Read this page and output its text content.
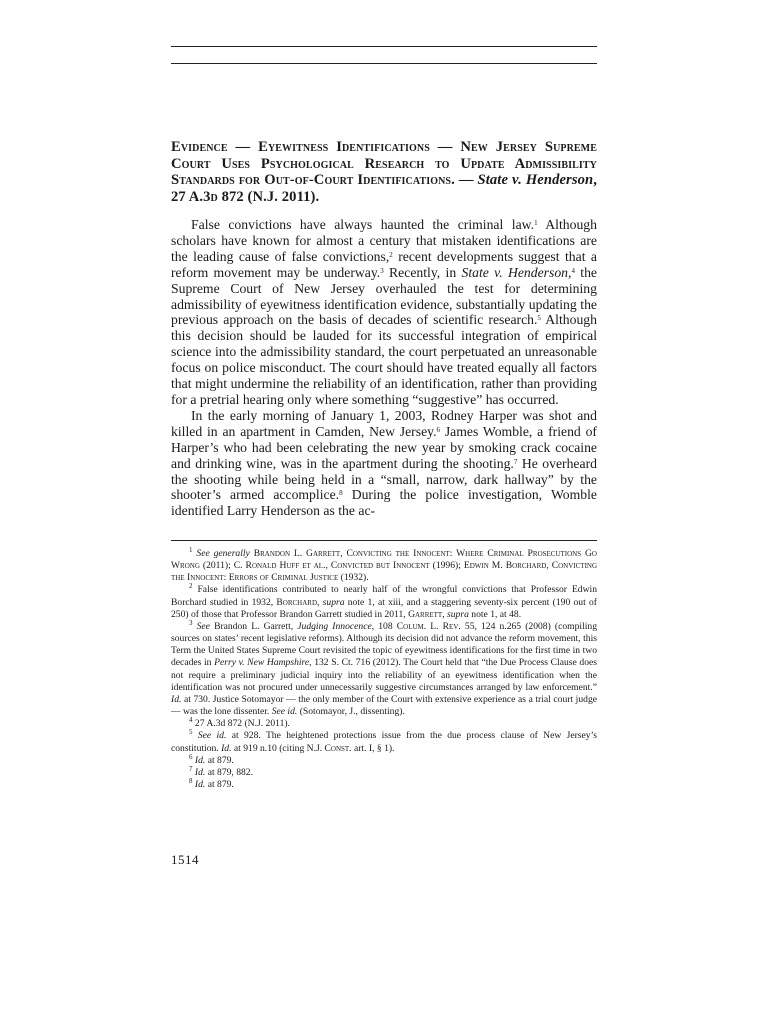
Evidence — Eyewitness Identifications — New Jersey Supreme Court Uses Psychological Research to Update Admissibility Standards for Out-of-Court Identifications. — State v. Henderson, 27 A.3d 872 (N.J. 2011).

False convictions have always haunted the criminal law.$^1$ Although scholars have known for almost a century that mistaken identifications are the leading cause of false convictions,$^2$ recent developments suggest that a reform movement may be underway.$^3$ Recently, in State v. Henderson,$^4$ the Supreme Court of New Jersey overhauled the test for determining admissibility of eyewitness identification evidence, substantially updating the previous approach on the basis of decades of scientific research.$^5$ Although this decision should be lauded for its successful integration of empirical science into the admissibility standard, the court perpetuated an unreasonable focus on police misconduct. The court should have treated equally all factors that might undermine the reliability of an identification, rather than providing for a pretrial hearing only where something “suggestive” has occurred.

In the early morning of January 1, 2003, Rodney Harper was shot and killed in an apartment in Camden, New Jersey.$^6$ James Womble, a friend of Harper’s who had been celebrating the new year by smoking crack cocaine and drinking wine, was in the apartment during the shooting.$^7$ He overheard the shooting while being held in a “small, narrow, dark hallway” by the shooter’s armed accomplice.$^8$ During the police investigation, Womble identified Larry Henderson as the ac-

$^1$ See generally Brandon L. Garrett, Convicting the Innocent: Where Criminal Prosecutions Go Wrong (2011); C. Ronald Huff et al., Convicted but Innocent (1996); Edwin M. Borchard, Convicting the Innocent: Errors of Criminal Justice (1932).

$^2$ False identifications contributed to nearly half of the wrongful convictions that Professor Edwin Borchard studied in 1932, Borchard, supra note 1, at xiii, and a staggering seventy-six percent (190 out of 250) of those that Professor Brandon Garrett studied in 2011, Garrett, supra note 1, at 48.

$^3$ See Brandon L. Garrett, Judging Innocence, 108 Colum. L. Rev. 55, 124 n.265 (2008) (compiling sources on states’ recent legislative reforms). Although its decision did not advance the reform movement, this Term the United States Supreme Court revisited the topic of eyewitness identifications for the first time in two decades in Perry v. New Hampshire, 132 S. Ct. 716 (2012). The Court held that “the Due Process Clause does not require a preliminary judicial inquiry into the reliability of an eyewitness identification when the identification was not procured under unnecessarily suggestive circumstances arranged by law enforcement.” Id. at 730. Justice Sotomayor — the only member of the Court with extensive experience as a trial court judge — was the lone dissenter. See id. (Sotomayor, J., dissenting).

$^4$ 27 A.3d 872 (N.J. 2011).

$^5$ See id. at 928. The heightened protections issue from the due process clause of New Jersey’s constitution. Id. at 919 n.10 (citing N.J. Const. art. I, § 1).

$^6$ Id. at 879.

$^7$ Id. at 879, 882.

$^8$ Id. at 879.

1514
